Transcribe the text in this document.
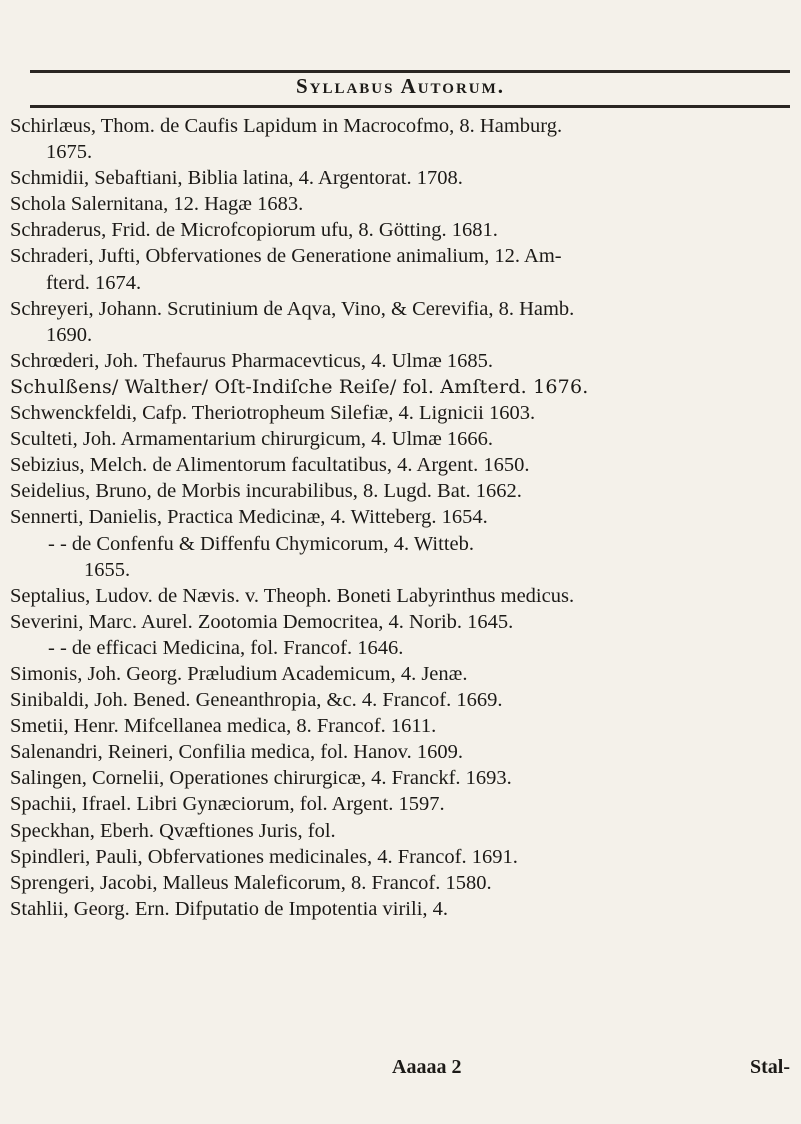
Syllabus Autorum.
Schirlæus, Thom. de Caufis Lapidum in Macrocofmo, 8. Hamburg.
1675.
Schmidii, Sebaftiani, Biblia latina, 4. Argentorat. 1708.
Schola Salernitana, 12. Hagæ 1683.
Schraderus, Frid. de Microfcopiorum ufu, 8. Götting. 1681.
Schraderi, Jufti, Obfervationes de Generatione animalium, 12. Am-
fterd. 1674.
Schreyeri, Johann. Scrutinium de Aqva, Vino, & Cerevifia, 8. Hamb.
1690.
Schrœderi, Joh. Thefaurus Pharmacevticus, 4. Ulmæ 1685.
Schulßens/ Walther/ Oſt-Indiſche Reiſe/ fol. Amſterd. 1676.
Schwenckfeldi, Cafp. Theriotropheum Silefiæ, 4. Lignicii 1603.
Sculteti, Joh. Armamentarium chirurgicum, 4. Ulmæ 1666.
Sebizius, Melch. de Alimentorum facultatibus, 4. Argent. 1650.
Seidelius, Bruno, de Morbis incurabilibus, 8. Lugd. Bat. 1662.
Sennerti, Danielis, Practica Medicinæ, 4. Witteberg. 1654.
- - de Confenfu & Diffenfu Chymicorum, 4. Witteb.
1655.
Septalius, Ludov. de Nævis. v. Theoph. Boneti Labyrinthus medicus.
Severini, Marc. Aurel. Zootomia Democritea, 4. Norib. 1645.
- - de efficaci Medicina, fol. Francof. 1646.
Simonis, Joh. Georg. Præludium Academicum, 4. Jenæ.
Sinibaldi, Joh. Bened. Geneanthropia, &c. 4. Francof. 1669.
Smetii, Henr. Mifcellanea medica, 8. Francof. 1611.
Salenandri, Reineri, Confilia medica, fol. Hanov. 1609.
Salingen, Cornelii, Operationes chirurgicæ, 4. Franckf. 1693.
Spachii, Ifrael. Libri Gynæciorum, fol. Argent. 1597.
Speckhan, Eberh. Qvæftiones Juris, fol.
Spindleri, Pauli, Obfervationes medicinales, 4. Francof. 1691.
Sprengeri, Jacobi, Malleus Maleficorum, 8. Francof. 1580.
Stahlii, Georg. Ern. Difputatio de Impotentia virili, 4.
Aaaaa 2	Stal-
